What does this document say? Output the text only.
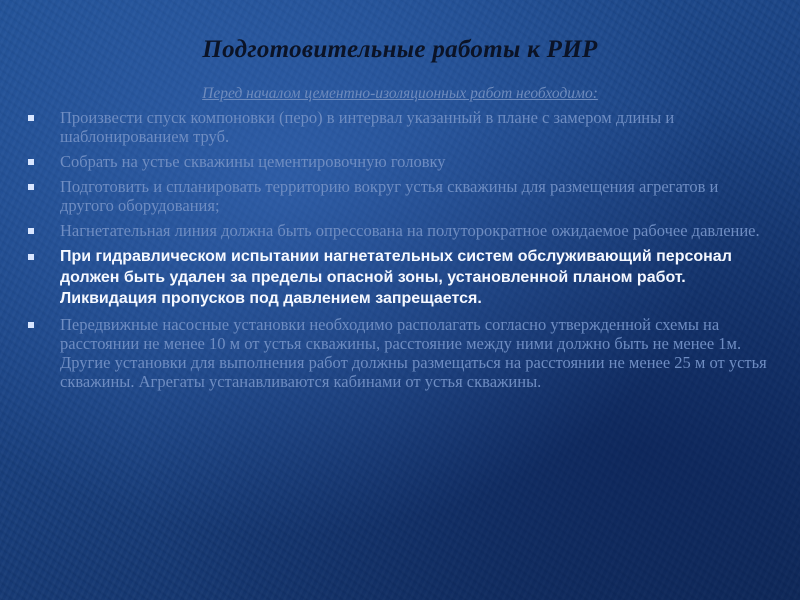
Подготовительные работы к РИР
Перед началом цементно-изоляционных работ необходимо:
Произвести спуск компоновки (перо) в интервал указанный в плане с замером длины и шаблонированием труб.
Собрать на устье скважины цементировочную головку
Подготовить и спланировать территорию вокруг устья скважины для размещения агрегатов и другого оборудования;
Нагнетательная линия должна быть опрессована на полуторократное ожидаемое рабочее давление.
При гидравлическом испытании нагнетательных систем обслуживающий персонал должен быть удален за пределы опасной зоны, установленной планом работ. Ликвидация пропусков под давлением запрещается.
Передвижные насосные установки необходимо располагать согласно утвержденной схемы на расстоянии не менее 10 м от устья скважины, расстояние между ними должно быть не менее 1м. Другие установки для выполнения работ должны размещаться на расстоянии не менее 25 м от устья скважины. Агрегаты устанавливаются кабинами от устья скважины.
